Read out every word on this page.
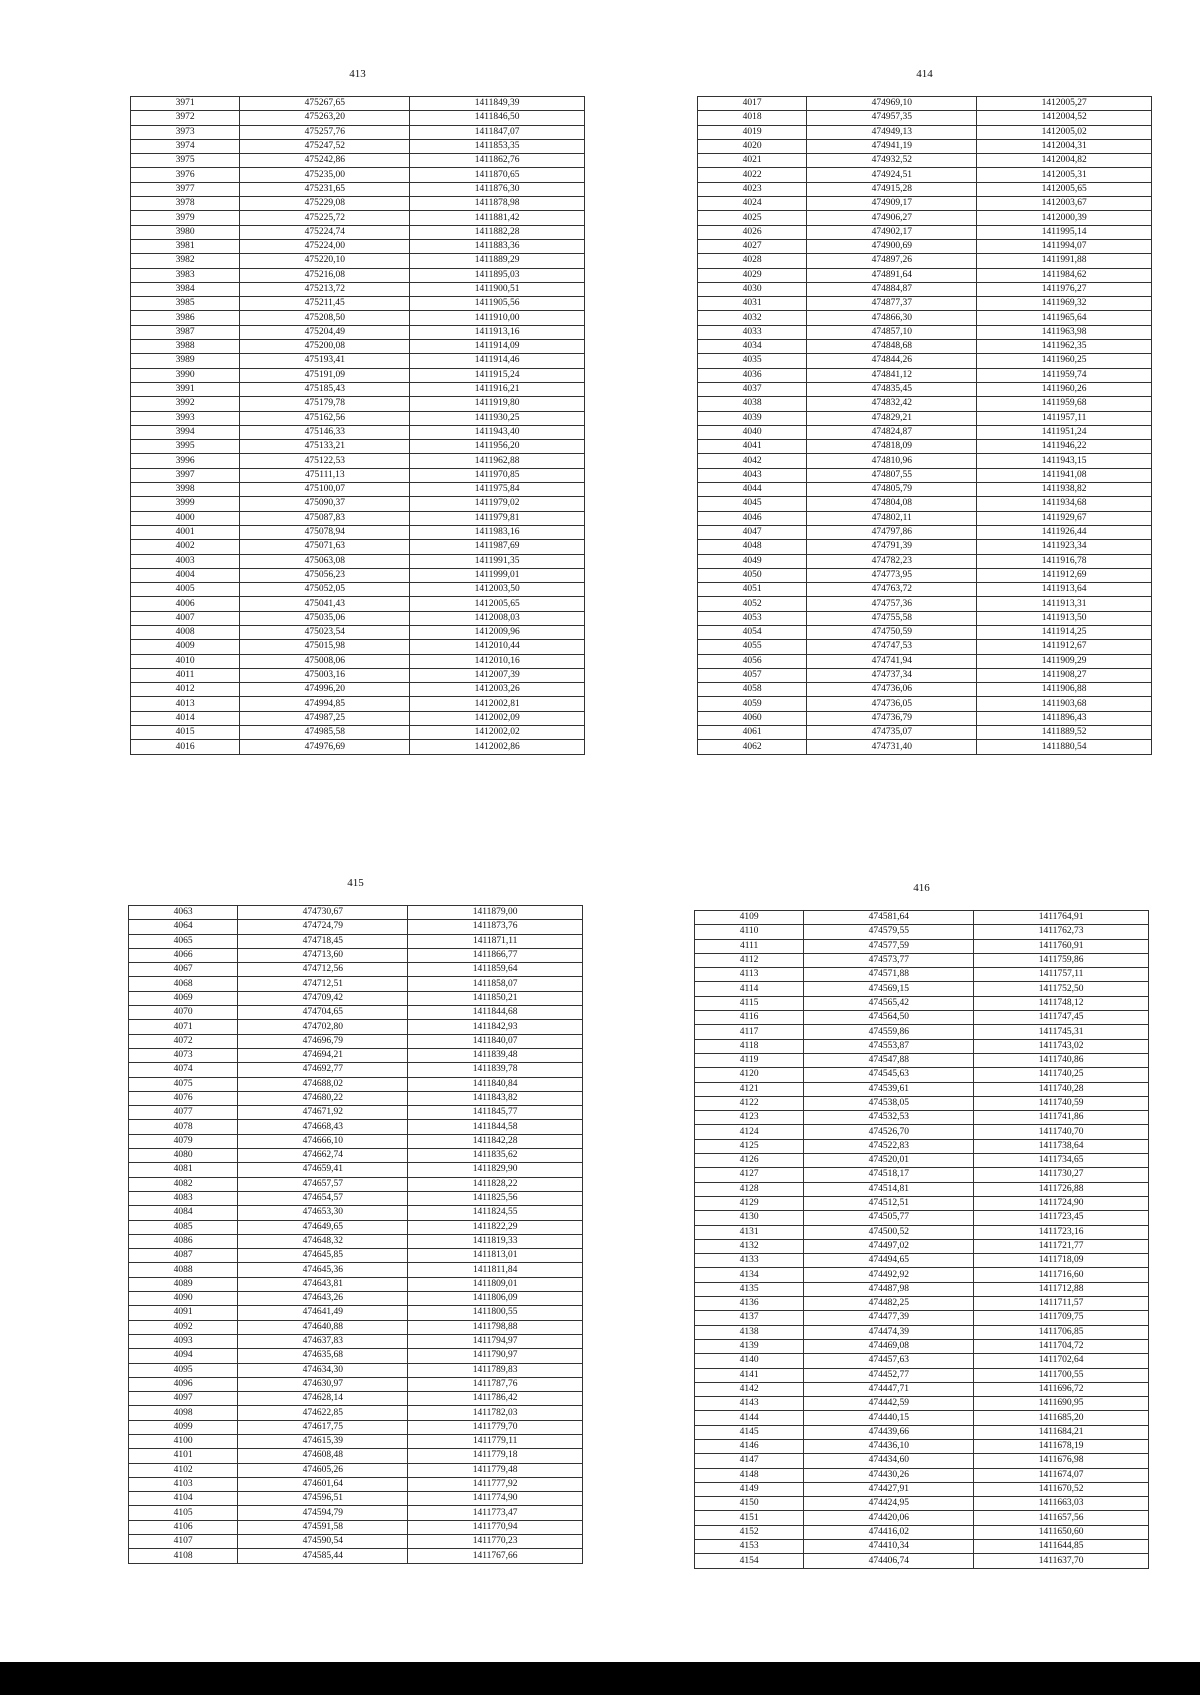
413
3971	475267,65	1411849,39
3972	475263,20	1411846,50
3973	475257,76	1411847,07
3974	475247,52	1411853,35
3975	475242,86	1411862,76
3976	475235,00	1411870,65
3977	475231,65	1411876,30
3978	475229,08	1411878,98
3979	475225,72	1411881,42
3980	475224,74	1411882,28
3981	475224,00	1411883,36
3982	475220,10	1411889,29
3983	475216,08	1411895,03
3984	475213,72	1411900,51
3985	475211,45	1411905,56
3986	475208,50	1411910,00
3987	475204,49	1411913,16
3988	475200,08	1411914,09
3989	475193,41	1411914,46
3990	475191,09	1411915,24
3991	475185,43	1411916,21
3992	475179,78	1411919,80
3993	475162,56	1411930,25
3994	475146,33	1411943,40
3995	475133,21	1411956,20
3996	475122,53	1411962,88
3997	475111,13	1411970,85
3998	475100,07	1411975,84
3999	475090,37	1411979,02
4000	475087,83	1411979,81
4001	475078,94	1411983,16
4002	475071,63	1411987,69
4003	475063,08	1411991,35
4004	475056,23	1411999,01
4005	475052,05	1412003,50
4006	475041,43	1412005,65
4007	475035,06	1412008,03
4008	475023,54	1412009,96
4009	475015,98	1412010,44
4010	475008,06	1412010,16
4011	475003,16	1412007,39
4012	474996,20	1412003,26
4013	474994,85	1412002,81
4014	474987,25	1412002,09
4015	474985,58	1412002,02
4016	474976,69	1412002,86
414
4017	474969,10	1412005,27
4018	474957,35	1412004,52
4019	474949,13	1412005,02
4020	474941,19	1412004,31
4021	474932,52	1412004,82
4022	474924,51	1412005,31
4023	474915,28	1412005,65
4024	474909,17	1412003,67
4025	474906,27	1412000,39
4026	474902,17	1411995,14
4027	474900,69	1411994,07
4028	474897,26	1411991,88
4029	474891,64	1411984,62
4030	474884,87	1411976,27
4031	474877,37	1411969,32
4032	474866,30	1411965,64
4033	474857,10	1411963,98
4034	474848,68	1411962,35
4035	474844,26	1411960,25
4036	474841,12	1411959,74
4037	474835,45	1411960,26
4038	474832,42	1411959,68
4039	474829,21	1411957,11
4040	474824,87	1411951,24
4041	474818,09	1411946,22
4042	474810,96	1411943,15
4043	474807,55	1411941,08
4044	474805,79	1411938,82
4045	474804,08	1411934,68
4046	474802,11	1411929,67
4047	474797,86	1411926,44
4048	474791,39	1411923,34
4049	474782,23	1411916,78
4050	474773,95	1411912,69
4051	474763,72	1411913,64
4052	474757,36	1411913,31
4053	474755,58	1411913,50
4054	474750,59	1411914,25
4055	474747,53	1411912,67
4056	474741,94	1411909,29
4057	474737,34	1411908,27
4058	474736,06	1411906,88
4059	474736,05	1411903,68
4060	474736,79	1411896,43
4061	474735,07	1411889,52
4062	474731,40	1411880,54
415
4063	474730,67	1411879,00
4064	474724,79	1411873,76
4065	474718,45	1411871,11
4066	474713,60	1411866,77
4067	474712,56	1411859,64
4068	474712,51	1411858,07
4069	474709,42	1411850,21
4070	474704,65	1411844,68
4071	474702,80	1411842,93
4072	474696,79	1411840,07
4073	474694,21	1411839,48
4074	474692,77	1411839,78
4075	474688,02	1411840,84
4076	474680,22	1411843,82
4077	474671,92	1411845,77
4078	474668,43	1411844,58
4079	474666,10	1411842,28
4080	474662,74	1411835,62
4081	474659,41	1411829,90
4082	474657,57	1411828,22
4083	474654,57	1411825,56
4084	474653,30	1411824,55
4085	474649,65	1411822,29
4086	474648,32	1411819,33
4087	474645,85	1411813,01
4088	474645,36	1411811,84
4089	474643,81	1411809,01
4090	474643,26	1411806,09
4091	474641,49	1411800,55
4092	474640,88	1411798,88
4093	474637,83	1411794,97
4094	474635,68	1411790,97
4095	474634,30	1411789,83
4096	474630,97	1411787,76
4097	474628,14	1411786,42
4098	474622,85	1411782,03
4099	474617,75	1411779,70
4100	474615,39	1411779,11
4101	474608,48	1411779,18
4102	474605,26	1411779,48
4103	474601,64	1411777,92
4104	474596,51	1411774,90
4105	474594,79	1411773,47
4106	474591,58	1411770,94
4107	474590,54	1411770,23
4108	474585,44	1411767,66
416
4109	474581,64	1411764,91
4110	474579,55	1411762,73
4111	474577,59	1411760,91
4112	474573,77	1411759,86
4113	474571,88	1411757,11
4114	474569,15	1411752,50
4115	474565,42	1411748,12
4116	474564,50	1411747,45
4117	474559,86	1411745,31
4118	474553,87	1411743,02
4119	474547,88	1411740,86
4120	474545,63	1411740,25
4121	474539,61	1411740,28
4122	474538,05	1411740,59
4123	474532,53	1411741,86
4124	474526,70	1411740,70
4125	474522,83	1411738,64
4126	474520,01	1411734,65
4127	474518,17	1411730,27
4128	474514,81	1411726,88
4129	474512,51	1411724,90
4130	474505,77	1411723,45
4131	474500,52	1411723,16
4132	474497,02	1411721,77
4133	474494,65	1411718,09
4134	474492,92	1411716,60
4135	474487,98	1411712,88
4136	474482,25	1411711,57
4137	474477,39	1411709,75
4138	474474,39	1411706,85
4139	474469,08	1411704,72
4140	474457,63	1411702,64
4141	474452,77	1411700,55
4142	474447,71	1411696,72
4143	474442,59	1411690,95
4144	474440,15	1411685,20
4145	474439,66	1411684,21
4146	474436,10	1411678,19
4147	474434,60	1411676,98
4148	474430,26	1411674,07
4149	474427,91	1411670,52
4150	474424,95	1411663,03
4151	474420,06	1411657,56
4152	474416,02	1411650,60
4153	474410,34	1411644,85
4154	474406,74	1411637,70
